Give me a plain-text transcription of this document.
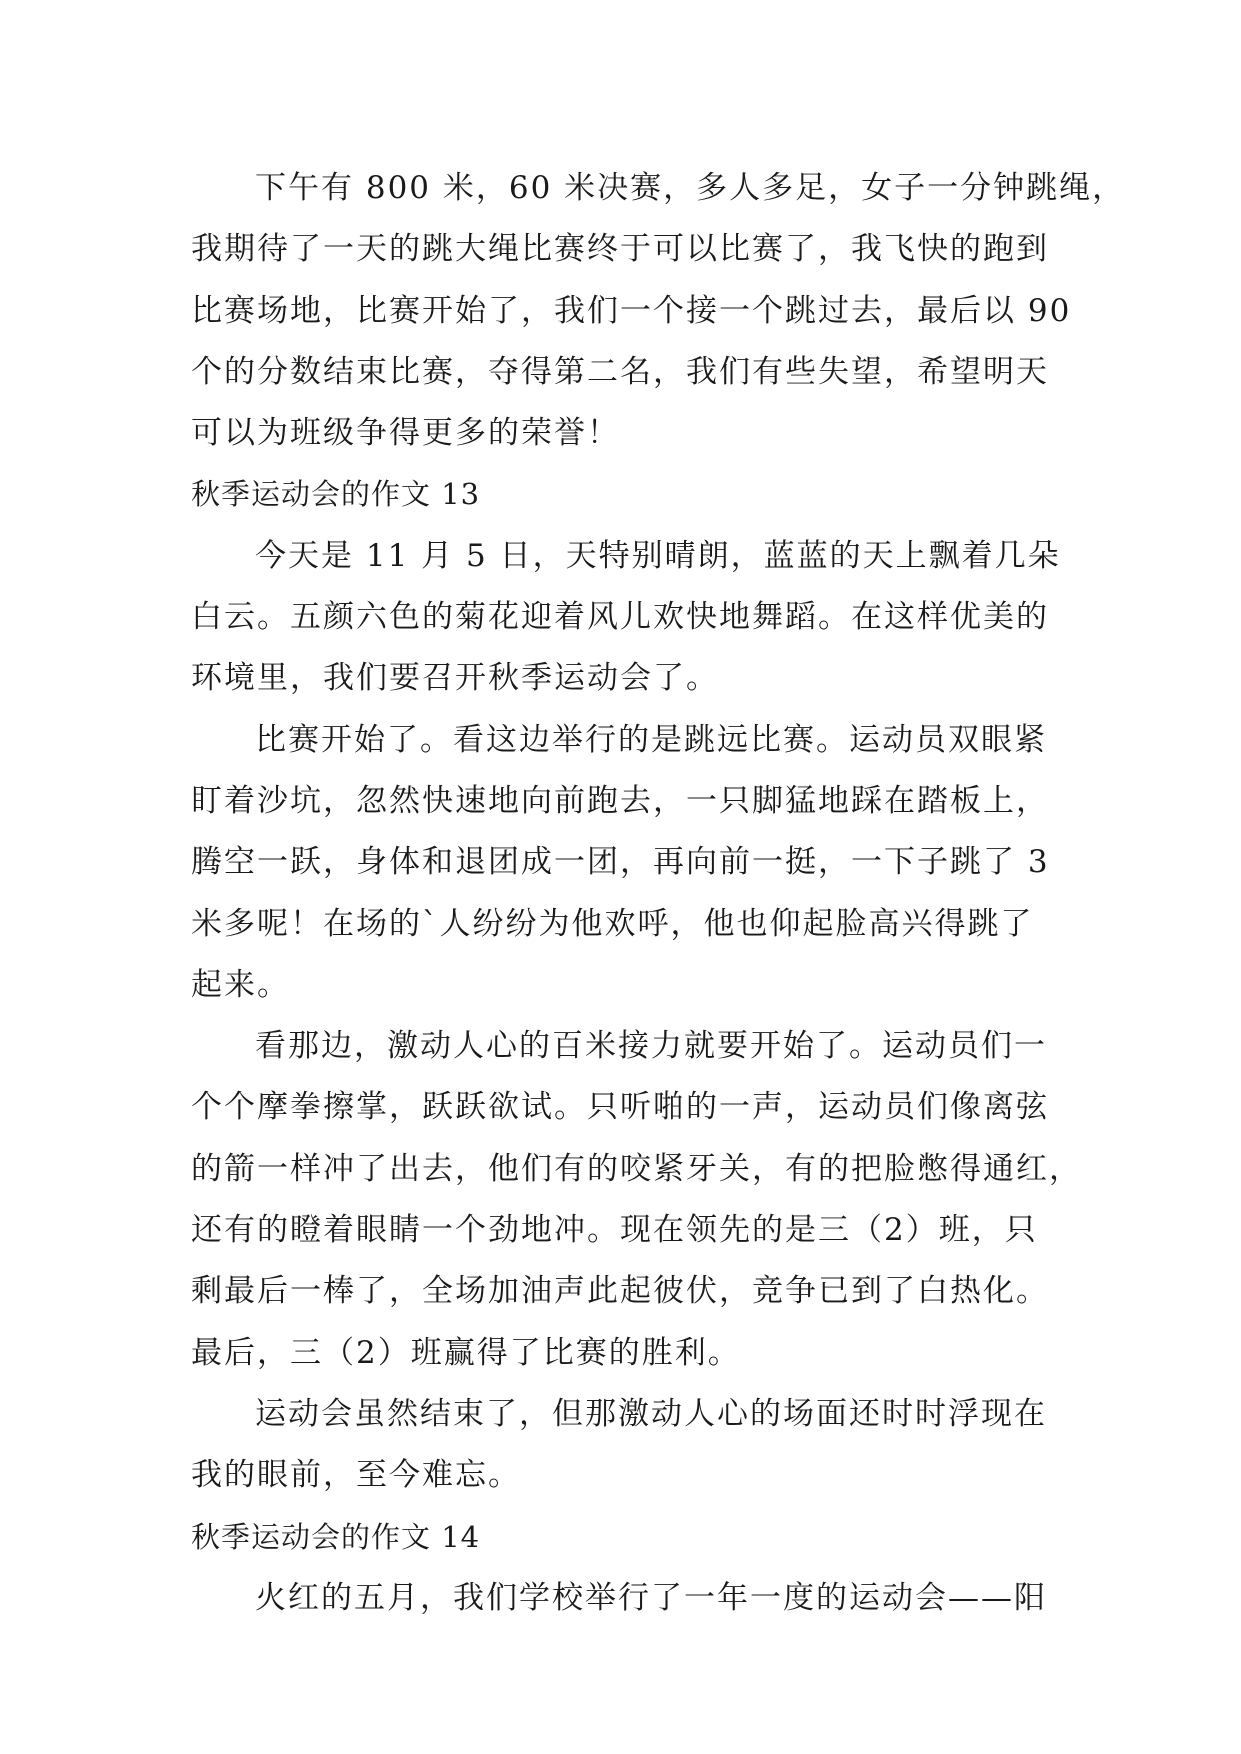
下午有 800 米，60 米决赛，多人多足，女子一分钟跳绳，
我期待了一天的跳大绳比赛终于可以比赛了，我飞快的跑到
比赛场地，比赛开始了，我们一个接一个跳过去，最后以 90
个的分数结束比赛，夺得第二名，我们有些失望，希望明天
可以为班级争得更多的荣誉！
秋季运动会的作文 13
今天是 11 月 5 日，天特别晴朗，蓝蓝的天上飘着几朵
白云。五颜六色的菊花迎着风儿欢快地舞蹈。在这样优美的
环境里，我们要召开秋季运动会了。
比赛开始了。看这边举行的是跳远比赛。运动员双眼紧
盯着沙坑，忽然快速地向前跑去，一只脚猛地踩在踏板上，
腾空一跃，身体和退团成一团，再向前一挺，一下子跳了 3
米多呢！在场的`人纷纷为他欢呼，他也仰起脸高兴得跳了
起来。
看那边，激动人心的百米接力就要开始了。运动员们一
个个摩拳擦掌，跃跃欲试。只听啪的一声，运动员们像离弦
的箭一样冲了出去，他们有的咬紧牙关，有的把脸憋得通红，
还有的瞪着眼睛一个劲地冲。现在领先的是三（2）班，只
剩最后一棒了，全场加油声此起彼伏，竞争已到了白热化。
最后，三（2）班赢得了比赛的胜利。
运动会虽然结束了，但那激动人心的场面还时时浮现在
我的眼前，至今难忘。
秋季运动会的作文 14
火红的五月，我们学校举行了一年一度的运动会——阳
